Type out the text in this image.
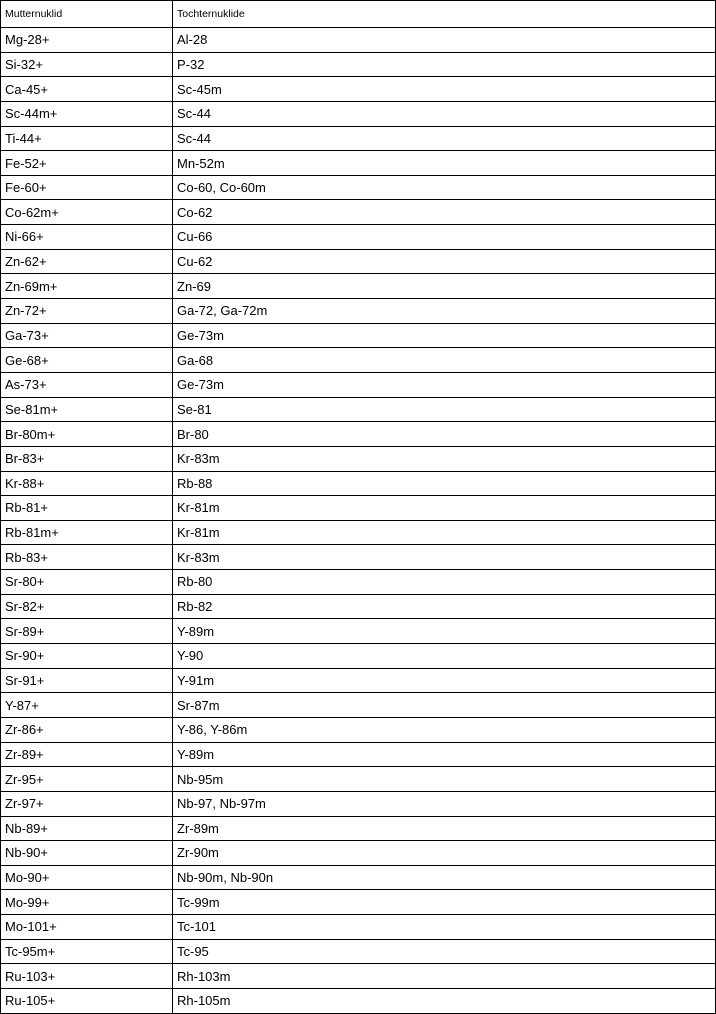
Mutternuklid	Tochternuklide
Mg-28+	Al-28
Si-32+	P-32
Ca-45+	Sc-45m
Sc-44m+	Sc-44
Ti-44+	Sc-44
Fe-52+	Mn-52m
Fe-60+	Co-60, Co-60m
Co-62m+	Co-62
Ni-66+	Cu-66
Zn-62+	Cu-62
Zn-69m+	Zn-69
Zn-72+	Ga-72, Ga-72m
Ga-73+	Ge-73m
Ge-68+	Ga-68
As-73+	Ge-73m
Se-81m+	Se-81
Br-80m+	Br-80
Br-83+	Kr-83m
Kr-88+	Rb-88
Rb-81+	Kr-81m
Rb-81m+	Kr-81m
Rb-83+	Kr-83m
Sr-80+	Rb-80
Sr-82+	Rb-82
Sr-89+	Y-89m
Sr-90+	Y-90
Sr-91+	Y-91m
Y-87+	Sr-87m
Zr-86+	Y-86, Y-86m
Zr-89+	Y-89m
Zr-95+	Nb-95m
Zr-97+	Nb-97, Nb-97m
Nb-89+	Zr-89m
Nb-90+	Zr-90m
Mo-90+	Nb-90m, Nb-90n
Mo-99+	Tc-99m
Mo-101+	Tc-101
Tc-95m+	Tc-95
Ru-103+	Rh-103m
Ru-105+	Rh-105m
